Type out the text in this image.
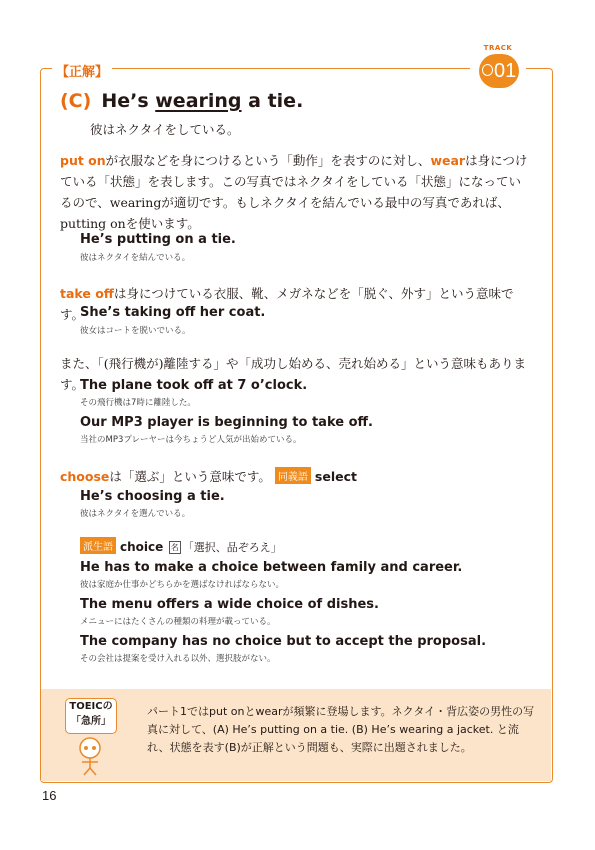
【正解】
TRACK
01
(C) He’s wearing a tie.
彼はネクタイをしている。
put onが衣服などを身につけるという「動作」を表すのに対し、wearは身につけている「状態」を表します。この写真ではネクタイをしている「状態」になっているので、wearingが適切です。もしネクタイを結んでいる最中の写真であれば、putting onを使います。
He’s putting on a tie.
彼はネクタイを結んでいる。
take offは身につけている衣服、靴、メガネなどを「脱ぐ、外す」という意味です。
She’s taking off her coat.
彼女はコートを脱いでいる。
また、「(飛行機が)離陸する」や「成功し始める、売れ始める」という意味もあります。
The plane took off at 7 o’clock.
その飛行機は7時に離陸した。
Our MP3 player is beginning to take off.
当社のMP3プレーヤーは今ちょうど人気が出始めている。
chooseは「選ぶ」という意味です。 同義語 select
He’s choosing a tie.
彼はネクタイを選んでいる。
派生語 choice 名 「選択、品ぞろえ」
He has to make a choice between family and career.
彼は家庭か仕事かどちらかを選ばなければならない。
The menu offers a wide choice of dishes.
メニューにはたくさんの種類の料理が載っている。
The company has no choice but to accept the proposal.
その会社は提案を受け入れる以外、選択肢がない。
TOEICの
「急所」
パート1ではput onとwearが頻繁に登場します。ネクタイ・背広姿の男性の写真に対して、(A) He’s putting on a tie. (B) He’s wearing a jacket. と流れ、状態を表す(B)が正解という問題も、実際に出題されました。
16
